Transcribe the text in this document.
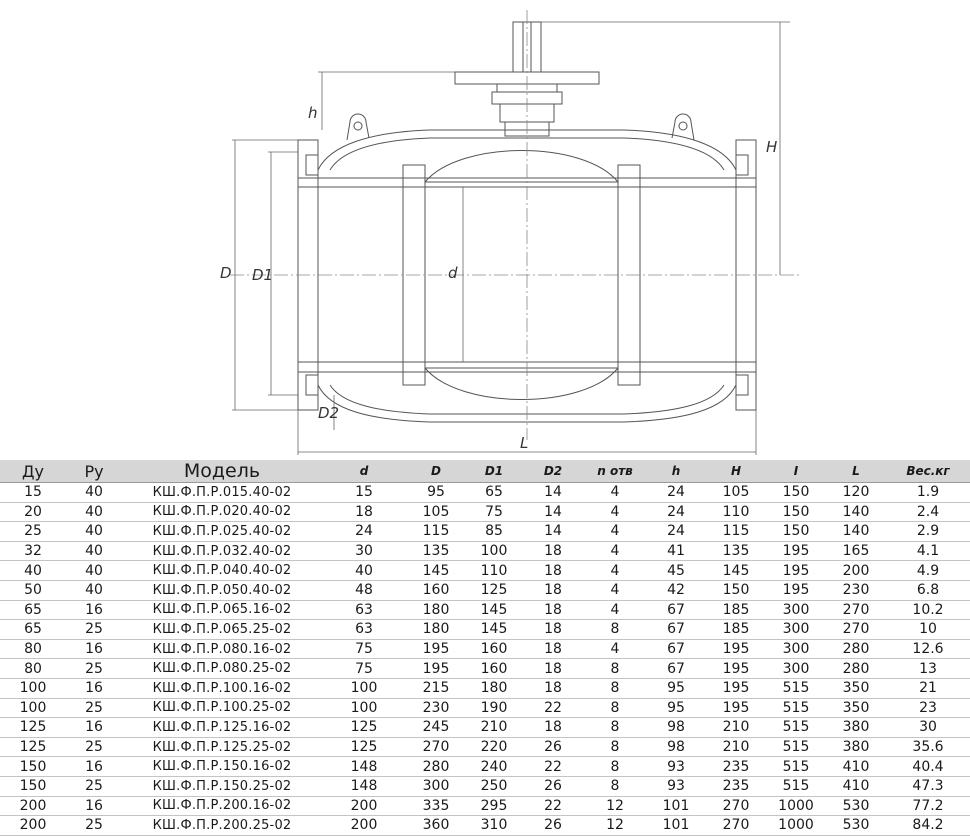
h
H
D D1	d
D2
L
Ду	Ру	Модель	d	D	D1	D2	n отв	h	H	I	L	Вес.кг
15	40	КШ.Ф.П.Р.015.40-02	15	95	65	14	4	24	105	150	120	1.9
20	40	КШ.Ф.П.Р.020.40-02	18	105	75	14	4	24	110	150	140	2.4
25	40	КШ.Ф.П.Р.025.40-02	24	115	85	14	4	24	115	150	140	2.9
32	40	КШ.Ф.П.Р.032.40-02	30	135	100	18	4	41	135	195	165	4.1
40	40	КШ.Ф.П.Р.040.40-02	40	145	110	18	4	45	145	195	200	4.9
50	40	КШ.Ф.П.Р.050.40-02	48	160	125	18	4	42	150	195	230	6.8
65	16	КШ.Ф.П.Р.065.16-02	63	180	145	18	4	67	185	300	270	10.2
65	25	КШ.Ф.П.Р.065.25-02	63	180	145	18	8	67	185	300	270	10
80	16	КШ.Ф.П.Р.080.16-02	75	195	160	18	4	67	195	300	280	12.6
80	25	КШ.Ф.П.Р.080.25-02	75	195	160	18	8	67	195	300	280	13
100	16	КШ.Ф.П.Р.100.16-02	100	215	180	18	8	95	195	515	350	21
100	25	КШ.Ф.П.Р.100.25-02	100	230	190	22	8	95	195	515	350	23
125	16	КШ.Ф.П.Р.125.16-02	125	245	210	18	8	98	210	515	380	30
125	25	КШ.Ф.П.Р.125.25-02	125	270	220	26	8	98	210	515	380	35.6
150	16	КШ.Ф.П.Р.150.16-02	148	280	240	22	8	93	235	515	410	40.4
150	25	КШ.Ф.П.Р.150.25-02	148	300	250	26	8	93	235	515	410	47.3
200	16	КШ.Ф.П.Р.200.16-02	200	335	295	22	12	101	270	1000	530	77.2
200	25	КШ.Ф.П.Р.200.25-02	200	360	310	26	12	101	270	1000	530	84.2
